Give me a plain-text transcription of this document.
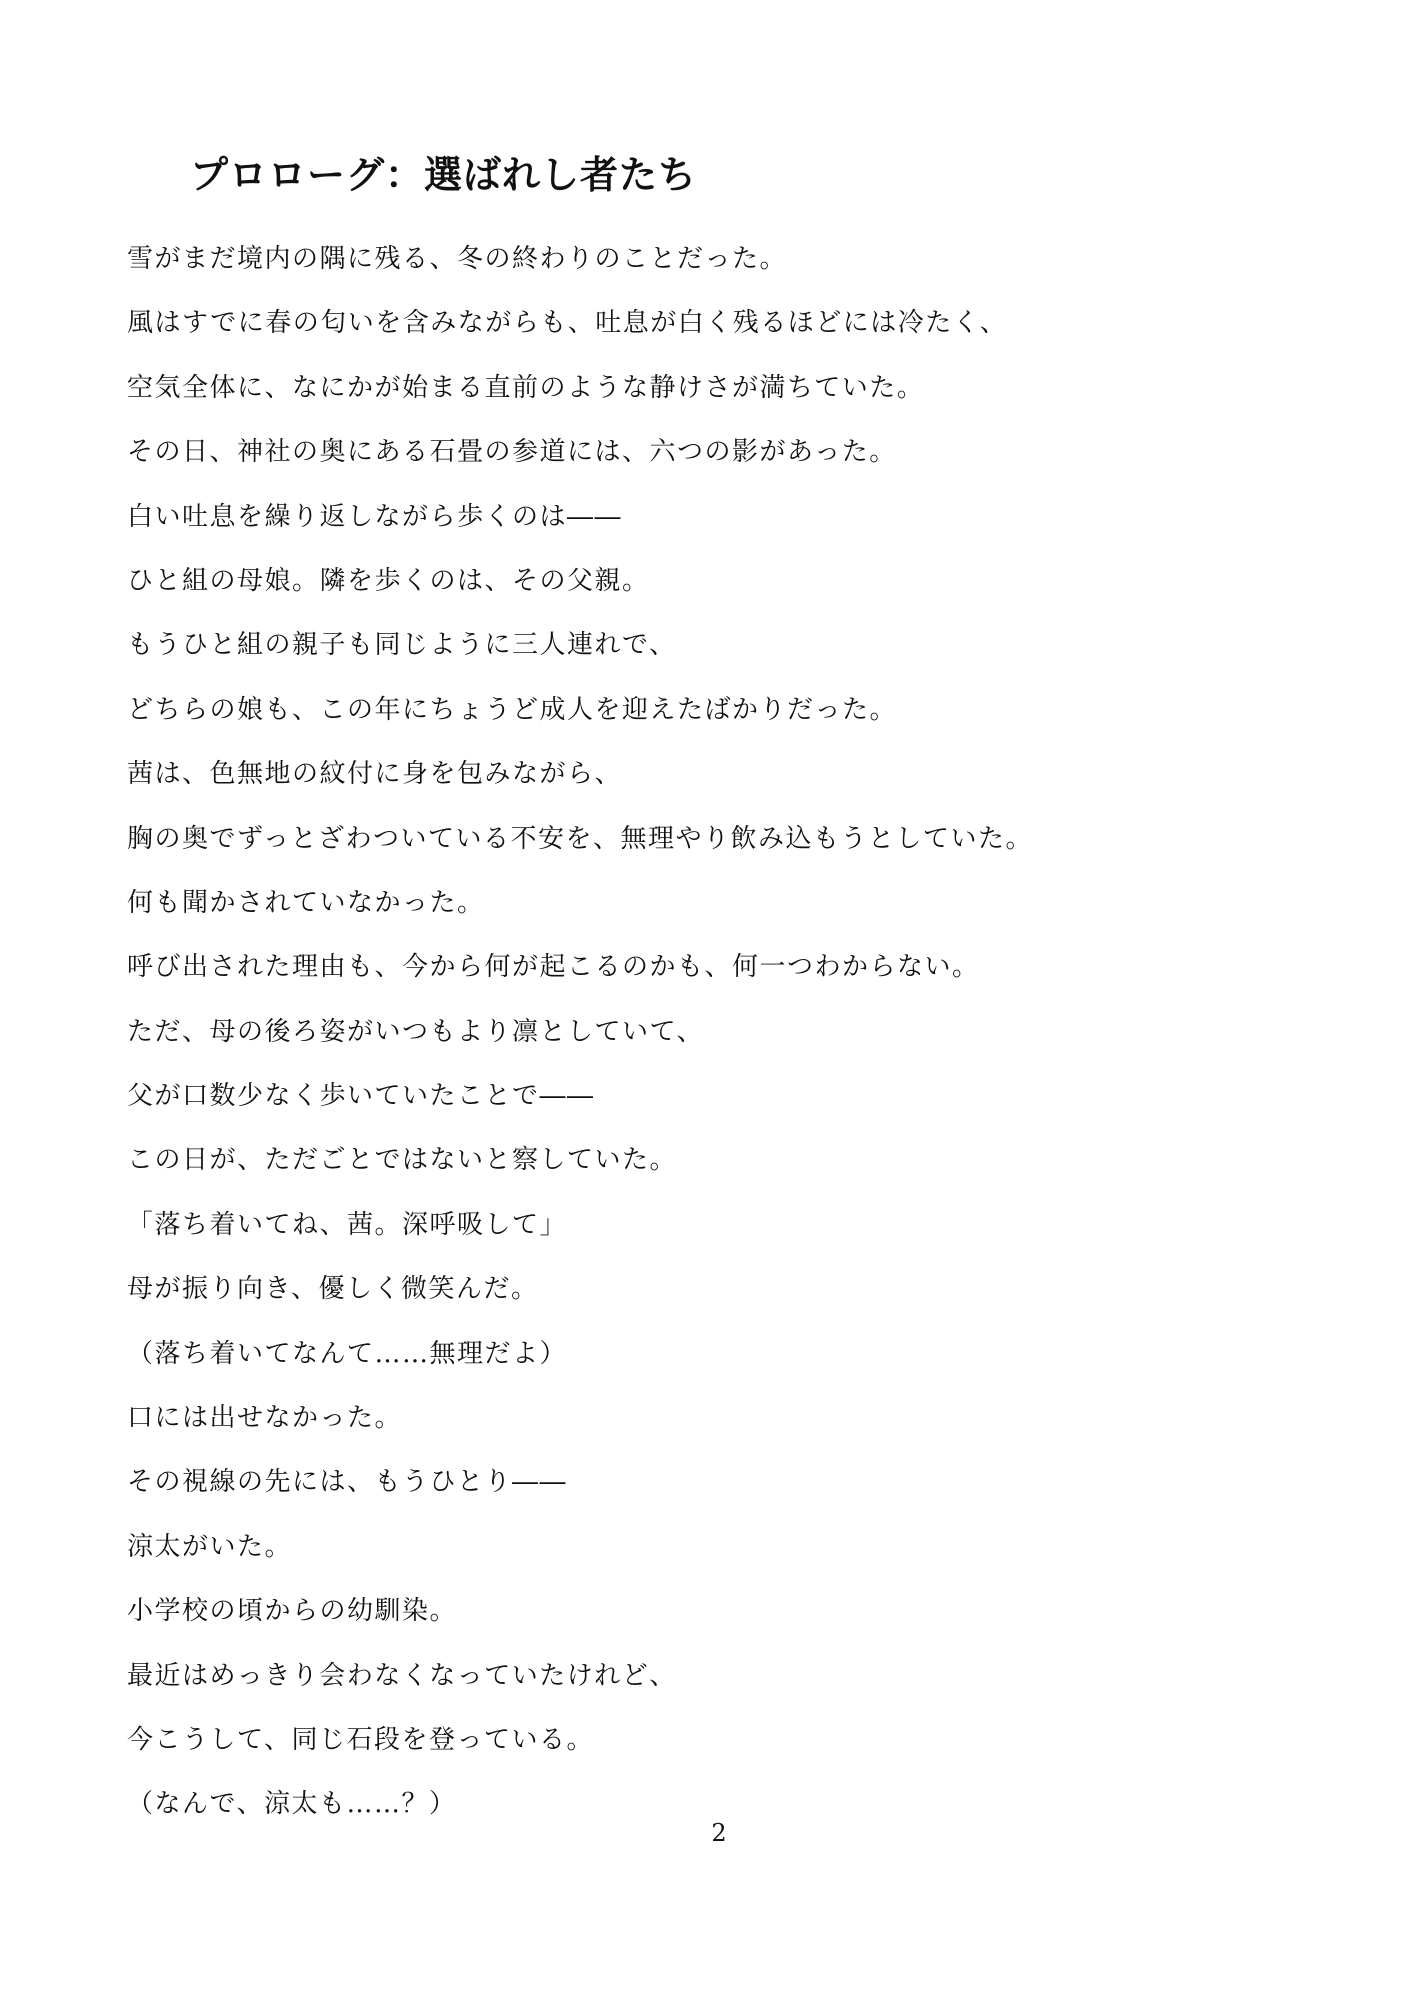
プロローグ：選ばれし者たち
雪がまだ境内の隅に残る、冬の終わりのことだった。
風はすでに春の匂いを含みながらも、吐息が白く残るほどには冷たく、
空気全体に、なにかが始まる直前のような静けさが満ちていた。
その日、神社の奥にある石畳の参道には、六つの影があった。
白い吐息を繰り返しながら歩くのは――
ひと組の母娘。隣を歩くのは、その父親。
もうひと組の親子も同じように三人連れで、
どちらの娘も、この年にちょうど成人を迎えたばかりだった。
茜は、色無地の紋付に身を包みながら、
胸の奥でずっとざわついている不安を、無理やり飲み込もうとしていた。
何も聞かされていなかった。
呼び出された理由も、今から何が起こるのかも、何一つわからない。
ただ、母の後ろ姿がいつもより凛としていて、
父が口数少なく歩いていたことで――
この日が、ただごとではないと察していた。
「落ち着いてね、茜。深呼吸して」
母が振り向き、優しく微笑んだ。
（落ち着いてなんて……無理だよ）
口には出せなかった。
その視線の先には、もうひとり――
涼太がいた。
小学校の頃からの幼馴染。
最近はめっきり会わなくなっていたけれど、
今こうして、同じ石段を登っている。
（なんで、涼太も……？）
2
